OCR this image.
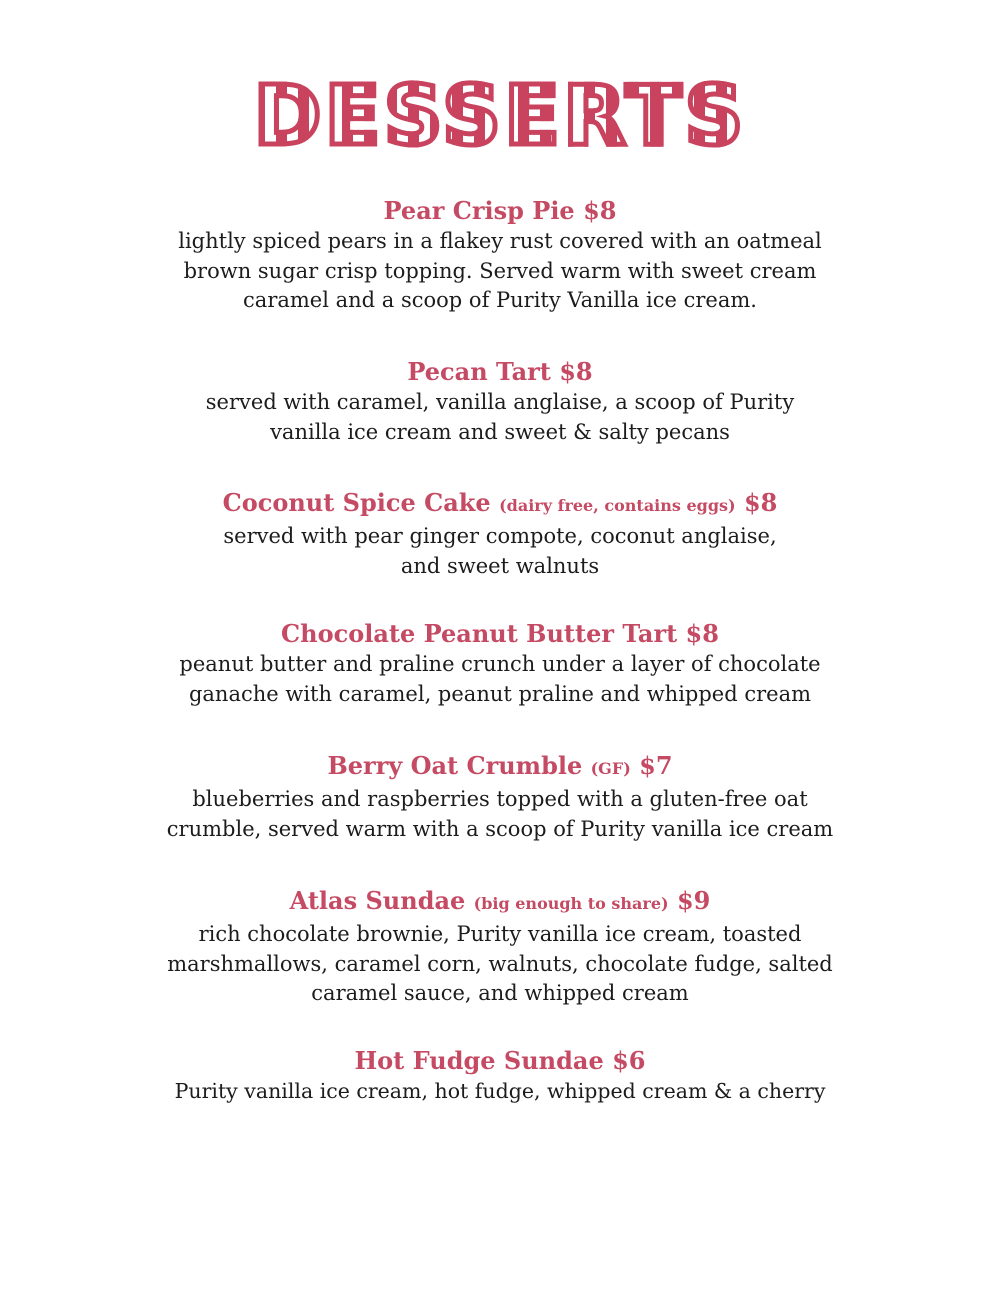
DESSERTS
Pear Crisp Pie $8
lightly spiced pears in a flakey rust covered with an oatmeal brown sugar crisp topping. Served warm with sweet cream caramel and a scoop of Purity Vanilla ice cream.
Pecan Tart $8
served with caramel, vanilla anglaise, a scoop of Purity vanilla ice cream and sweet & salty pecans
Coconut Spice Cake (dairy free, contains eggs) $8
served with pear ginger compote, coconut anglaise, and sweet walnuts
Chocolate Peanut Butter Tart $8
peanut butter and praline crunch under a layer of chocolate ganache with caramel, peanut praline and whipped cream
Berry Oat Crumble (GF) $7
blueberries and raspberries topped with a gluten-free oat crumble, served warm with a scoop of Purity vanilla ice cream
Atlas Sundae (big enough to share) $9
rich chocolate brownie, Purity vanilla ice cream, toasted marshmallows, caramel corn, walnuts, chocolate fudge, salted caramel sauce, and whipped cream
Hot Fudge Sundae $6
Purity vanilla ice cream, hot fudge, whipped cream & a cherry
